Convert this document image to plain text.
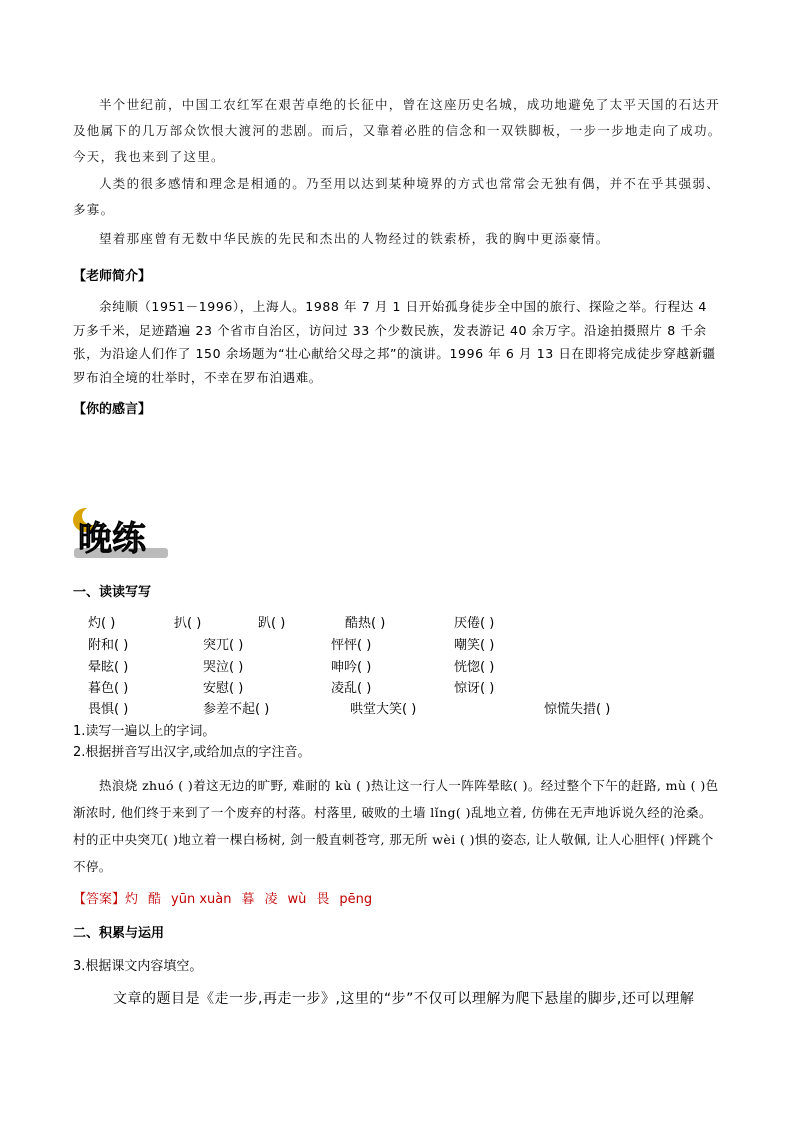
半个世纪前，中国工农红军在艰苦卓绝的长征中，曾在这座历史名城，成功地避免了太平天国的石达开及他属下的几万部众饮恨大渡河的悲剧。而后，又靠着必胜的信念和一双铁脚板，一步一步地走向了成功。今天，我也来到了这里。

人类的很多感情和理念是相通的。乃至用以达到某种境界的方式也常常会无独有偶，并不在乎其强弱、多寡。

望着那座曾有无数中华民族的先民和杰出的人物经过的铁索桥，我的胸中更添豪情。

【老师简介】

余纯顺（1951－1996），上海人。1988 年 7 月 1 日开始孤身徒步全中国的旅行、探险之举。行程达 4 万多千米，足迹踏遍 23 个省市自治区，访问过 33 个少数民族，发表游记 40 余万字。沿途拍摄照片 8 千余张，为沿途人们作了 150 余场题为“壮心献给父母之邦”的演讲。1996 年 6 月 13 日在即将完成徒步穿越新疆罗布泊全境的壮举时，不幸在罗布泊遇难。

【你的感言】

晚练

一、读读写写

灼( )	扒( )	趴( )	酷热( )	厌倦( )
附和( )	突兀( )	怦怦( )	嘲笑( )
晕眩( )	哭泣( )	呻吟( )	恍惚( )
暮色( )	安慰( )	凌乱( )	惊讶( )
畏惧( )	参差不起( )	哄堂大笑( )	惊慌失措( )

1.读写一遍以上的字词。

2.根据拼音写出汉字,或给加点的字注音。

热浪烧 zhuó ( )着这无边的旷野, 难耐的 kù ( )热让这一行人一阵阵晕眩( )。经过整个下午的赶路, mù ( )色渐浓时, 他们终于来到了一个废弃的村落。村落里, 破败的土墙 lǐng( )乱地立着, 仿佛在无声地诉说久经的沧桑。村的正中央突兀( )地立着一棵白杨树, 剑一般直刺苍穹, 那无所 wèi ( )惧的姿态, 让人敬佩, 让人心胆怦( )怦跳个不停。

【答案】灼 酷 yūn xuàn 暮 凌 wù 畏 pēng

二、积累与运用

3.根据课文内容填空。

文章的题目是《走一步,再走一步》,这里的“步”不仅可以理解为爬下悬崖的脚步,还可以理解
